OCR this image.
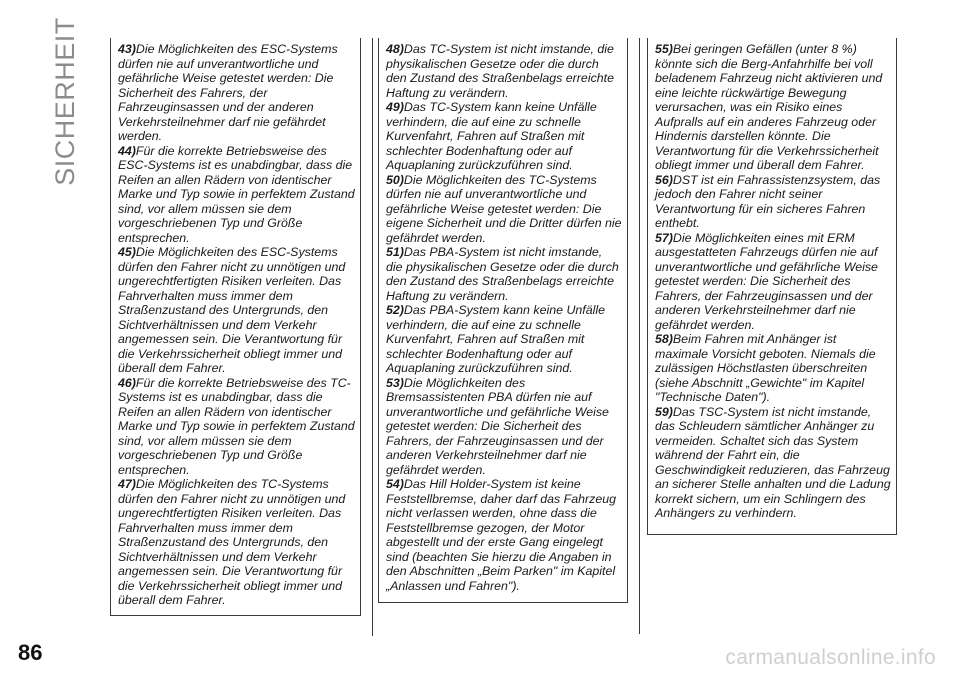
SICHERHEIT	43)Die Möglichkeiten des ESC-Systems dürfen nie auf unverantwortliche und gefährliche Weise getestet werden: Die Sicherheit des Fahrers, der Fahrzeuginsassen und der anderen Verkehrsteilnehmer darf nie gefährdet werden.

44)Für die korrekte Betriebsweise des ESC-Systems ist es unabdingbar, dass die Reifen an allen Rädern von identischer Marke und Typ sowie in perfektem Zustand sind, vor allem müssen sie dem vorgeschriebenen Typ und Größe entsprechen.

45)Die Möglichkeiten des ESC-Systems dürfen den Fahrer nicht zu unnötigen und ungerechtfertigten Risiken verleiten. Das Fahrverhalten muss immer dem Straßenzustand des Untergrunds, den Sichtverhältnissen und dem Verkehr angemessen sein. Die Verantwortung für die Verkehrssicherheit obliegt immer und überall dem Fahrer.

46)Für die korrekte Betriebsweise des TC-Systems ist es unabdingbar, dass die Reifen an allen Rädern von identischer Marke und Typ sowie in perfektem Zustand sind, vor allem müssen sie dem vorgeschriebenen Typ und Größe entsprechen.

47)Die Möglichkeiten des TC-Systems dürfen den Fahrer nicht zu unnötigen und ungerechtfertigten Risiken verleiten. Das Fahrverhalten muss immer dem Straßenzustand des Untergrunds, den Sichtverhältnissen und dem Verkehr angemessen sein. Die Verantwortung für die Verkehrssicherheit obliegt immer und überall dem Fahrer.

48)Das TC-System ist nicht imstande, die physikalischen Gesetze oder die durch den Zustand des Straßenbelags erreichte Haftung zu verändern.

49)Das TC-System kann keine Unfälle verhindern, die auf eine zu schnelle Kurvenfahrt, Fahren auf Straßen mit schlechter Bodenhaftung oder auf Aquaplaning zurückzuführen sind.

50)Die Möglichkeiten des TC-Systems dürfen nie auf unverantwortliche und gefährliche Weise getestet werden: Die eigene Sicherheit und die Dritter dürfen nie gefährdet werden.

51)Das PBA-System ist nicht imstande, die physikalischen Gesetze oder die durch den Zustand des Straßenbelags erreichte Haftung zu verändern.

52)Das PBA-System kann keine Unfälle verhindern, die auf eine zu schnelle Kurvenfahrt, Fahren auf Straßen mit schlechter Bodenhaftung oder auf Aquaplaning zurückzuführen sind.

53)Die Möglichkeiten des Bremsassistenten PBA dürfen nie auf unverantwortliche und gefährliche Weise getestet werden: Die Sicherheit des Fahrers, der Fahrzeuginsassen und der anderen Verkehrsteilnehmer darf nie gefährdet werden.

54)Das Hill Holder-System ist keine Feststellbremse, daher darf das Fahrzeug nicht verlassen werden, ohne dass die Feststellbremse gezogen, der Motor abgestellt und der erste Gang eingelegt sind (beachten Sie hierzu die Angaben in den Abschnitten „Beim Parken" im Kapitel „Anlassen und Fahren").

55)Bei geringen Gefällen (unter 8 %) könnte sich die Berg-Anfahrhilfe bei voll beladenem Fahrzeug nicht aktivieren und eine leichte rückwärtige Bewegung verursachen, was ein Risiko eines Aufpralls auf ein anderes Fahrzeug oder Hindernis darstellen könnte. Die Verantwortung für die Verkehrssicherheit obliegt immer und überall dem Fahrer.

56)DST ist ein Fahrassistenzsystem, das jedoch den Fahrer nicht seiner Verantwortung für ein sicheres Fahren enthebt.

57)Die Möglichkeiten eines mit ERM ausgestatteten Fahrzeugs dürfen nie auf unverantwortliche und gefährliche Weise getestet werden: Die Sicherheit des Fahrers, der Fahrzeuginsassen und der anderen Verkehrsteilnehmer darf nie gefährdet werden.

58)Beim Fahren mit Anhänger ist maximale Vorsicht geboten. Niemals die zulässigen Höchstlasten überschreiten (siehe Abschnitt „Gewichte" im Kapitel "Technische Daten").

59)Das TSC-System ist nicht imstande, das Schleudern sämtlicher Anhänger zu vermeiden. Schaltet sich das System während der Fahrt ein, die Geschwindigkeit reduzieren, das Fahrzeug an sicherer Stelle anhalten und die Ladung korrekt sichern, um ein Schlingern des Anhängers zu verhindern.

86	carmanualsonline.info
